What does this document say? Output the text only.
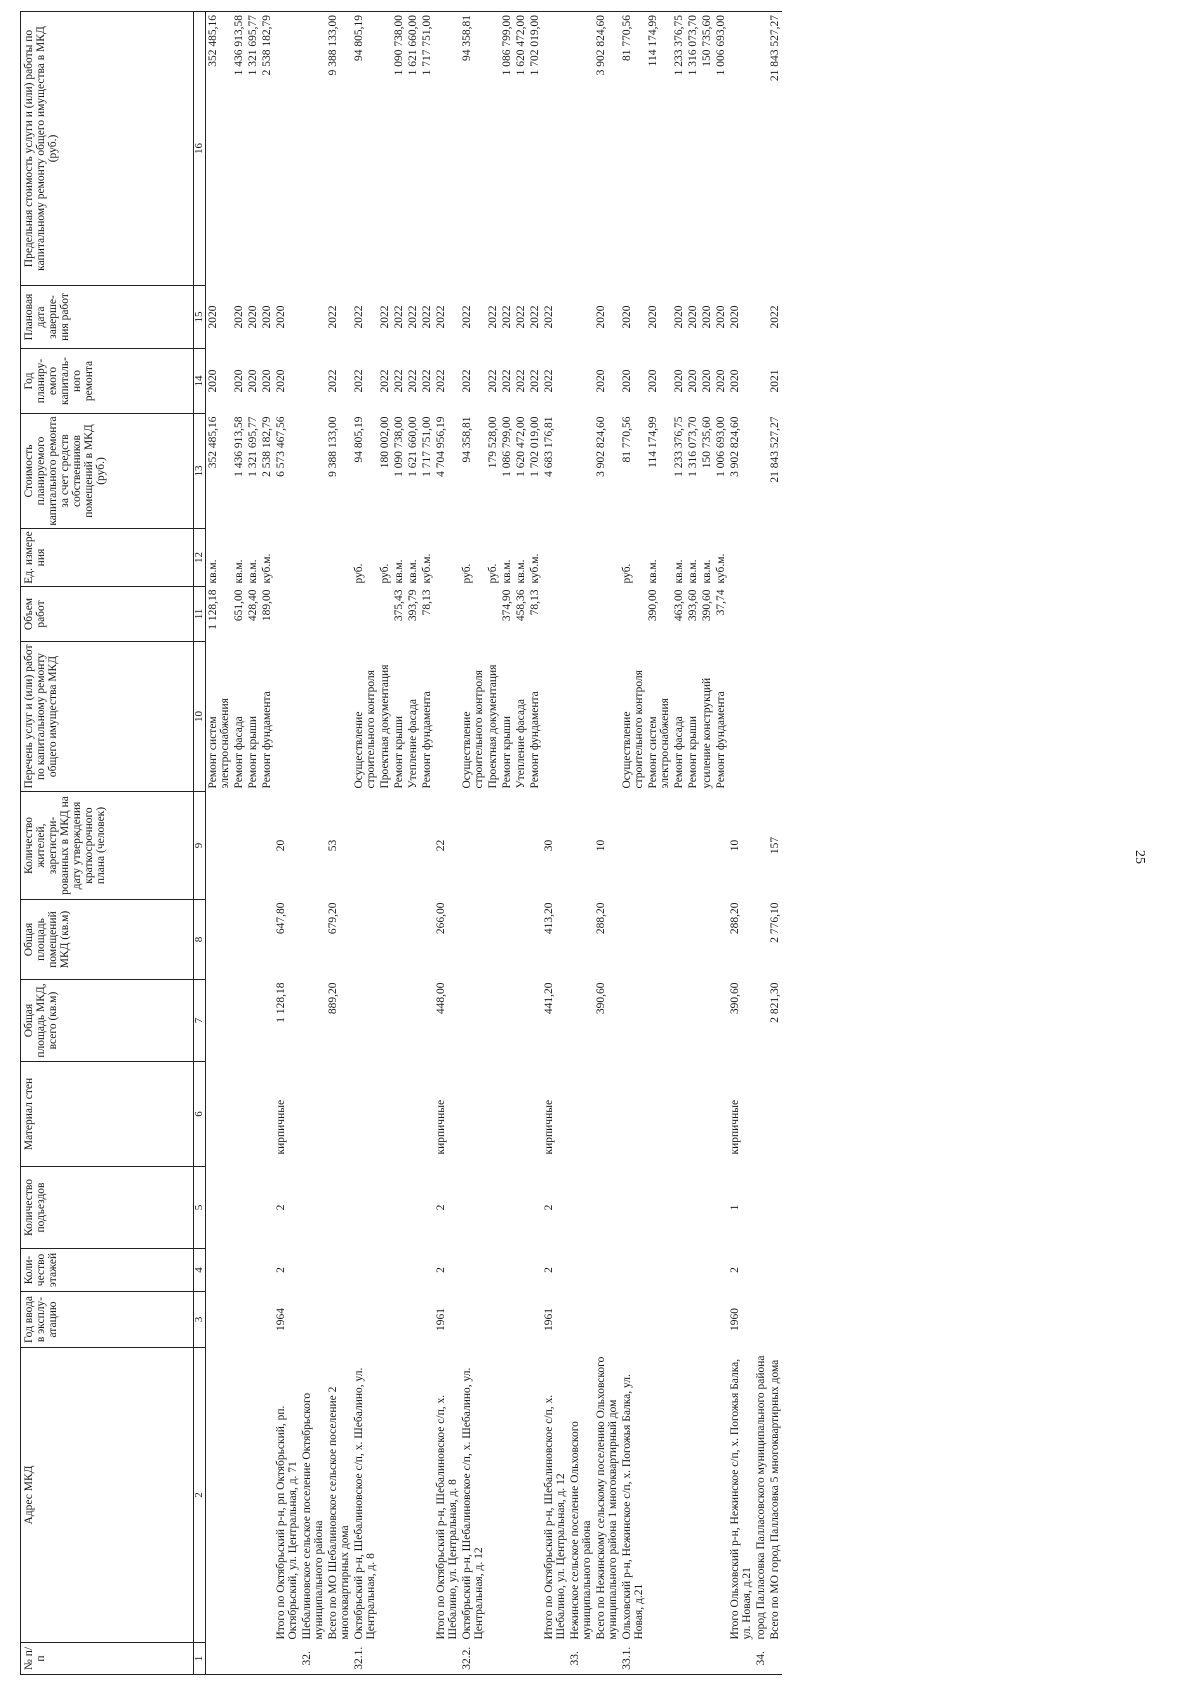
25
№ п/п	Адрес МКД	Год ввода в эксплу-атацию	Коли-чество этажей	Количество подъездов	Материал стен	Общая площадь МКД, всего (кв.м)	Общая площадь помещений МКД (кв.м)	Количество жителей, зарегистри-рованных в МКД на дату утверждения краткосрочного плана (человек)	Перечень услуг и (или) работ по капитальному ремонту общего имущества МКД	Объем работ	Ед. измере ния	Стоимость планируемого капитального ремонта за счет средств собственников помещений в МКД (руб.)	Год планиру-емого капиталь-ного ремонта	Плановая дата заверше-ния работ	Предельная стоимость услуги и (или) работы по капитальному ремонту общего имущества в МКД (руб.)
1	2	3	4	5	6	7	8	9	10	11	12	13	14	15	16
									Ремонт систем электроснабжения	1 128,18	кв.м.	352 485,16	2020	2020	352 485,16
									Ремонт фасада	651,00	кв.м.	1 436 913,58	2020	2020	1 436 913,58
									Ремонт крыши	428,40	кв.м.	1 321 695,77	2020	2020	1 321 695,77
									Ремонт фундамента	189,00	куб.м.	2 538 182,79	2020	2020	2 538 182,79
	Итого по Октябрьский р-н, рп Октябрьский, рп. Октябрьский, ул. Центральная, д. 71	1964	2	2	кирпичные	1 128,18	647,80	20				6 573 467,56	2020	2020	
32.	Шебалиновское сельское поселение Октябрьского муниципального района														
	Всего по МО Шебалиновское сельское поселение 2 многоквартирных дома					889,20	679,20	53				9 388 133,00	2022	2022	9 388 133,00
32.1.	Октябрьский р-н, Шебалиновское с/п, х. Шебалино, ул. Центральная, д. 8								Осуществление строительного контроля		руб.	94 805,19	2022	2022	94 805,19
									Проектная документация		руб.	180 002,00	2022	2022	
									Ремонт крыши	375,43	кв.м.	1 090 738,00	2022	2022	1 090 738,00
									Утепление фасада	393,79	кв.м.	1 621 660,00	2022	2022	1 621 660,00
									Ремонт фундамента	78,13	куб.м.	1 717 751,00	2022	2022	1 717 751,00
	Итого по Октябрьский р-н, Шебалиновское с/п, х. Шебалино, ул. Центральная, д. 8	1961	2	2	кирпичные	448,00	266,00	22				4 704 956,19	2022	2022	
32.2.	Октябрьский р-н, Шебалиновское с/п, х. Шебалино, ул. Центральная, д. 12								Осуществление строительного контроля		руб.	94 358,81	2022	2022	94 358,81
									Проектная документация		руб.	179 528,00	2022	2022	
									Ремонт крыши	374,90	кв.м.	1 086 799,00	2022	2022	1 086 799,00
									Утепление фасада	458,36	кв.м.	1 620 472,00	2022	2022	1 620 472,00
									Ремонт фундамента	78,13	куб.м.	1 702 019,00	2022	2022	1 702 019,00
	Итого по Октябрьский р-н, Шебалиновское с/п, х. Шебалино, ул. Центральная, д. 12	1961	2	2	кирпичные	441,20	413,20	30				4 683 176,81	2022	2022	
33.	Нежинское сельское поселение Ольховского муниципального района														
	Всего по Нежинскому сельскому поселению Ольховского муниципального района 1 многоквартирный дом					390,60	288,20	10				3 902 824,60	2020	2020	3 902 824,60
33.1.	Ольховский р-н, Нежинское с/п, х. Погожья Балка, ул. Новая, д.21								Осуществление строительного контроля		руб.	81 770,56	2020	2020	81 770,56
									Ремонт систем электроснабжения	390,00	кв.м.	114 174,99	2020	2020	114 174,99
									Ремонт фасада	463,00	кв.м.	1 233 376,75	2020	2020	1 233 376,75
									Ремонт крыши	393,60	кв.м.	1 316 073,70	2020	2020	1 316 073,70
									усиление конструкций	390,60	кв.м.	150 735,60	2020	2020	150 735,60
									Ремонт фундамента	37,74	куб.м.	1 006 693,00	2020	2020	1 006 693,00
	Итого Ольховский р-н, Нежинское с/п, х. Погожья Балка, ул. Новая, д.21	1960	2	1	кирпичные	390,60	288,20	10				3 902 824,60	2020	2020	
34.	город Палласовка Палласовского муниципального района														
	Всего по МО город Палласовка 5 многоквартирных дома					2 821,30	2 776,10	157				21 843 527,27	2021	2022	21 843 527,27
